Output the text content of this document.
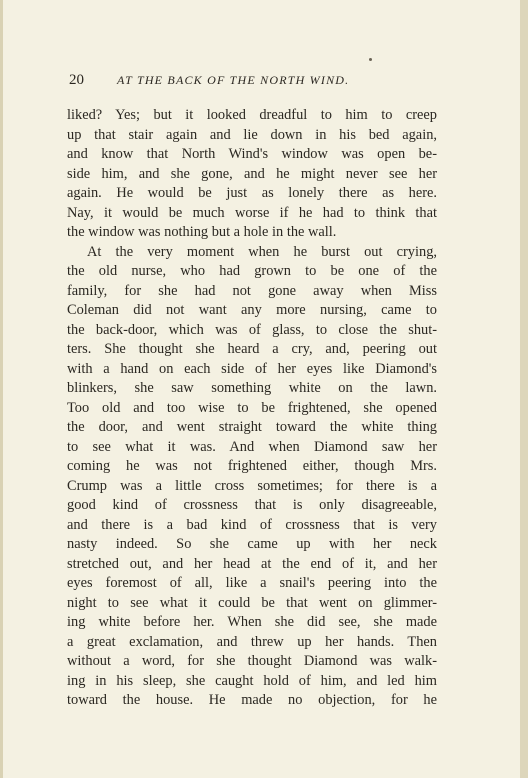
20	AT THE BACK OF THE NORTH WIND.
liked? Yes; but it looked dreadful to him to creep
up that stair again and lie down in his bed again,
and know that North Wind's window was open be-
side him, and she gone, and he might never see her
again. He would be just as lonely there as here.
Nay, it would be much worse if he had to think that
the window was nothing but a hole in the wall.
At the very moment when he burst out crying,
the old nurse, who had grown to be one of the
family, for she had not gone away when Miss
Coleman did not want any more nursing, came to
the back-door, which was of glass, to close the shut-
ters. She thought she heard a cry, and, peering out
with a hand on each side of her eyes like Diamond's
blinkers, she saw something white on the lawn.
Too old and too wise to be frightened, she opened
the door, and went straight toward the white thing
to see what it was. And when Diamond saw her
coming he was not frightened either, though Mrs.
Crump was a little cross sometimes; for there is a
good kind of crossness that is only disagreeable,
and there is a bad kind of crossness that is very
nasty indeed. So she came up with her neck
stretched out, and her head at the end of it, and her
eyes foremost of all, like a snail's peering into the
night to see what it could be that went on glimmer-
ing white before her. When she did see, she made
a great exclamation, and threw up her hands. Then
without a word, for she thought Diamond was walk-
ing in his sleep, she caught hold of him, and led him
toward the house. He made no objection, for he
